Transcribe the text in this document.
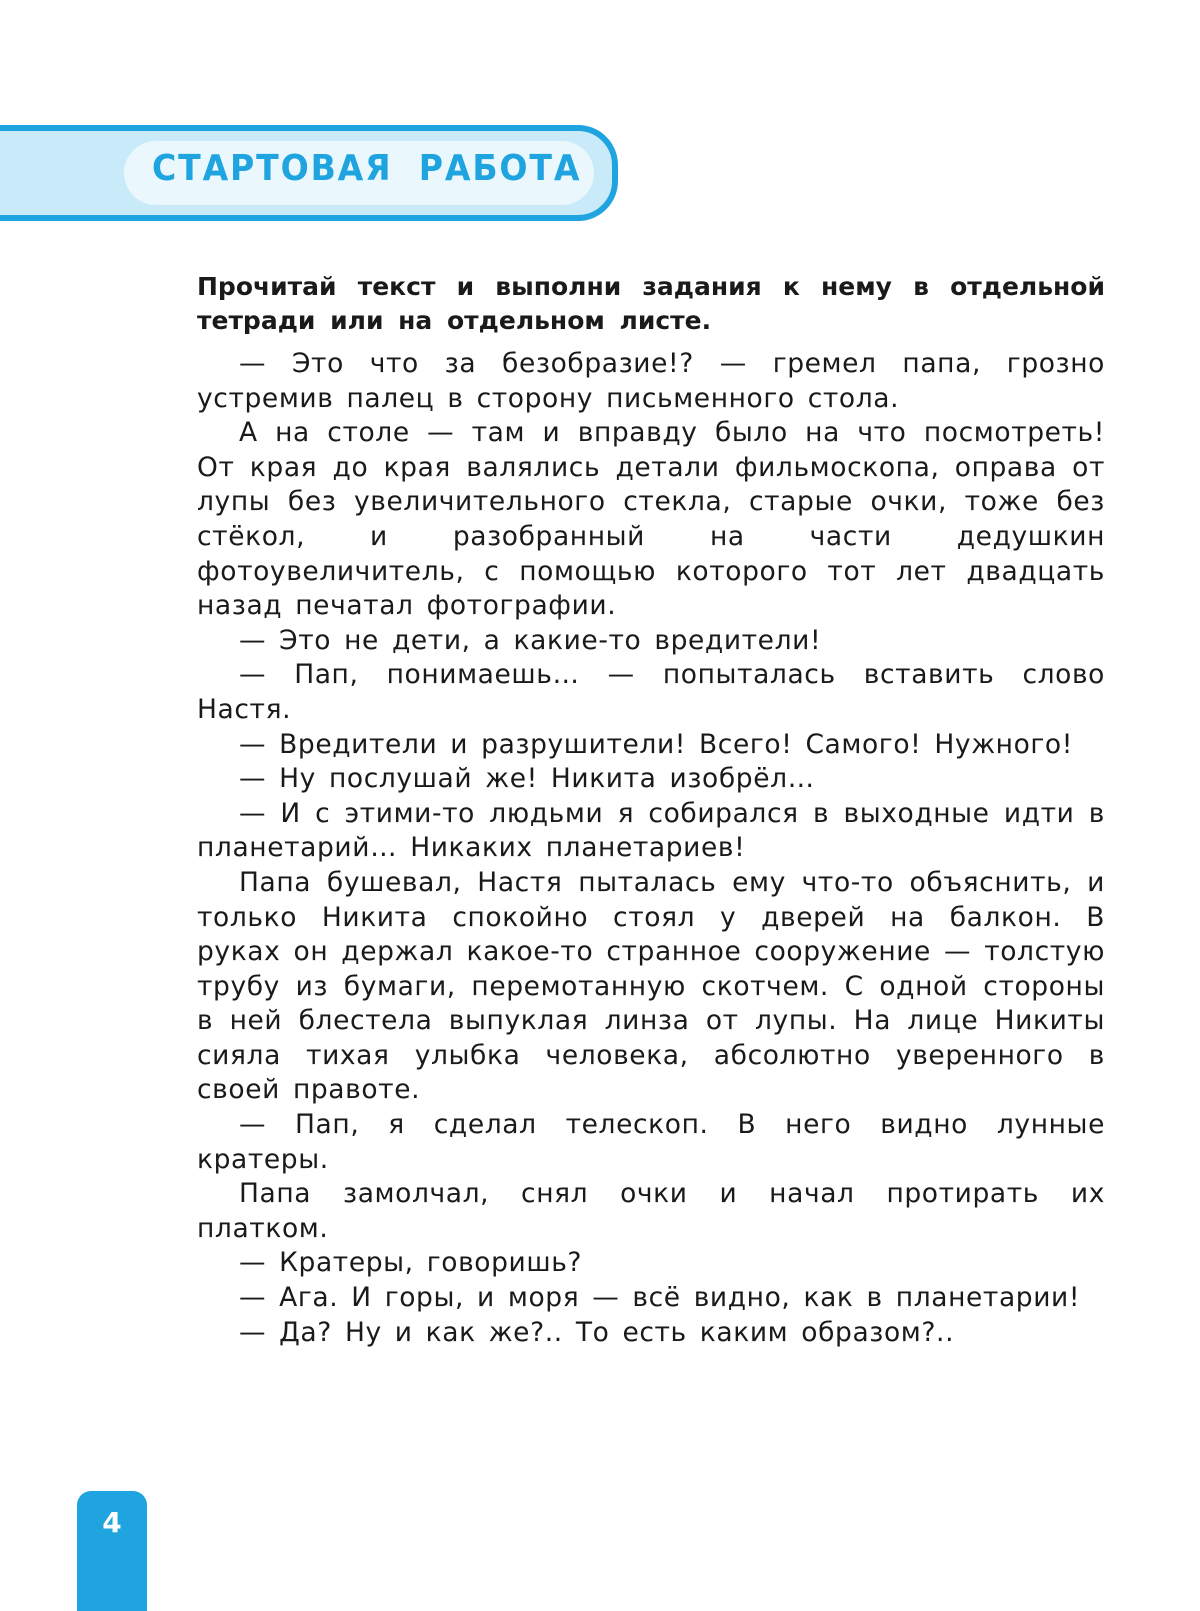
СТАРТОВАЯ РАБОТА

Прочитай текст и выполни задания к нему в отдельной тетради или на отдельном листе.

— Это что за безобразие!? — гремел папа, грозно устремив палец в сторону письменного стола.

А на столе — там и вправду было на что посмотреть! От края до края валялись детали фильмоскопа, оправа от лупы без увеличительного стекла, старые очки, тоже без стёкол, и разобранный на части дедушкин фотоувеличитель, с помощью которого тот лет двадцать назад печатал фотографии.

— Это не дети, а какие-то вредители!

— Пап, понимаешь… — попыталась вставить слово Настя.

— Вредители и разрушители! Всего! Самого! Нужного!

— Ну послушай же! Никита изобрёл…

— И с этими-то людьми я собирался в выходные идти в планетарий… Никаких планетариев!

Папа бушевал, Настя пыталась ему что-то объяснить, и только Никита спокойно стоял у дверей на балкон. В руках он держал какое-то странное сооружение — толстую трубу из бумаги, перемотанную скотчем. С одной стороны в ней блестела выпуклая линза от лупы. На лице Никиты сияла тихая улыбка человека, абсолютно уверенного в своей правоте.

— Пап, я сделал телескоп. В него видно лунные кратеры.

Папа замолчал, снял очки и начал протирать их платком.

— Кратеры, говоришь?

— Ага. И горы, и моря — всё видно, как в планетарии!

— Да? Ну и как же?.. То есть каким образом?..

4
